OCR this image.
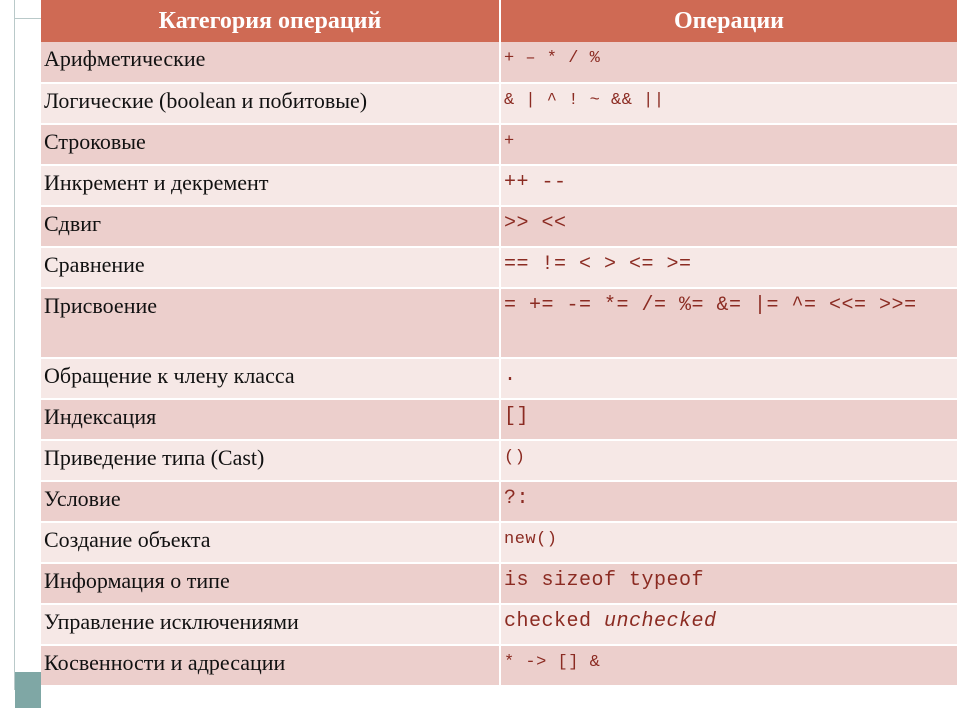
Категория операций	Операции
Арифметические	+ – * / %
Логические (boolean и побитовые)	& | ^ ! ~ && ||
Строковые	+
Инкремент и декремент	++ --
Сдвиг	>> <<
Сравнение	== != < > <= >=
Присвоение	= += -= *= /= %= &= |= ^= <<= >>=
Обращение к члену класса	.
Индексация	[]
Приведение типа (Cast)	()
Условие	?:
Создание объекта	new()
Информация о типе	is sizeof typeof
Управление исключениями	checked unchecked
Косвенности и адресации	* -> [] &
